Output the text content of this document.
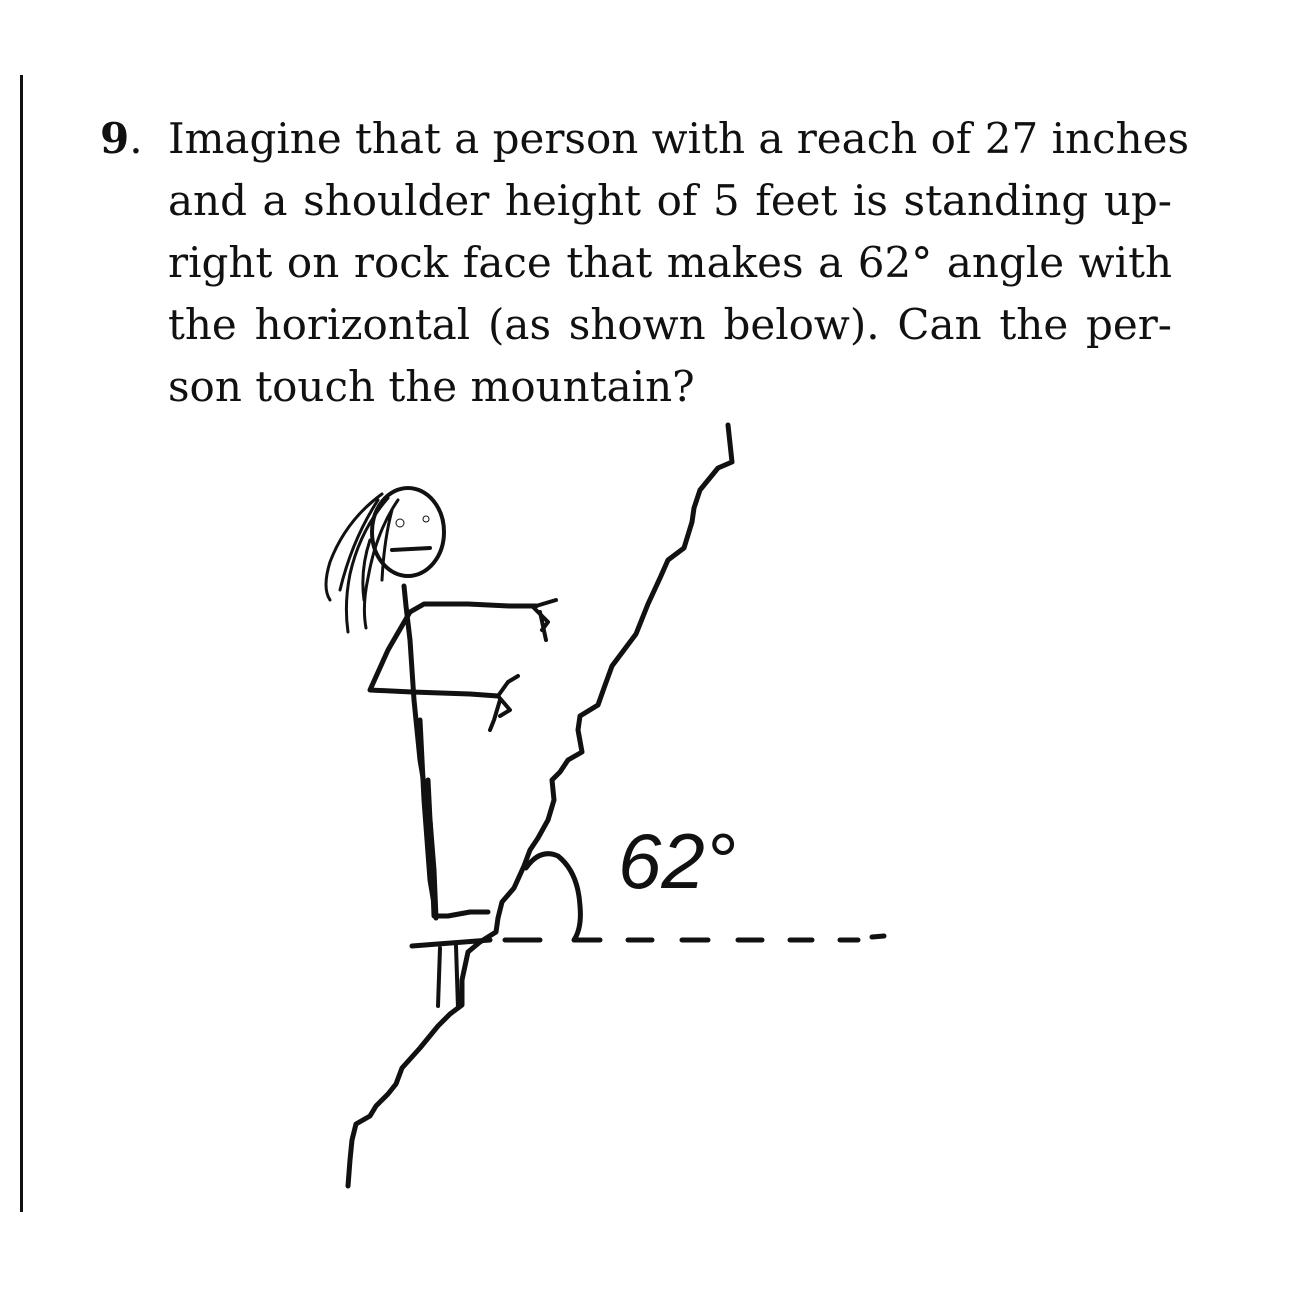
9. Imagine that a person with a reach of 27 inches
and a shoulder height of 5 feet is standing up-
right on rock face that makes a 62° angle with
the horizontal (as shown below). Can the per-
son touch the mountain?
62°
